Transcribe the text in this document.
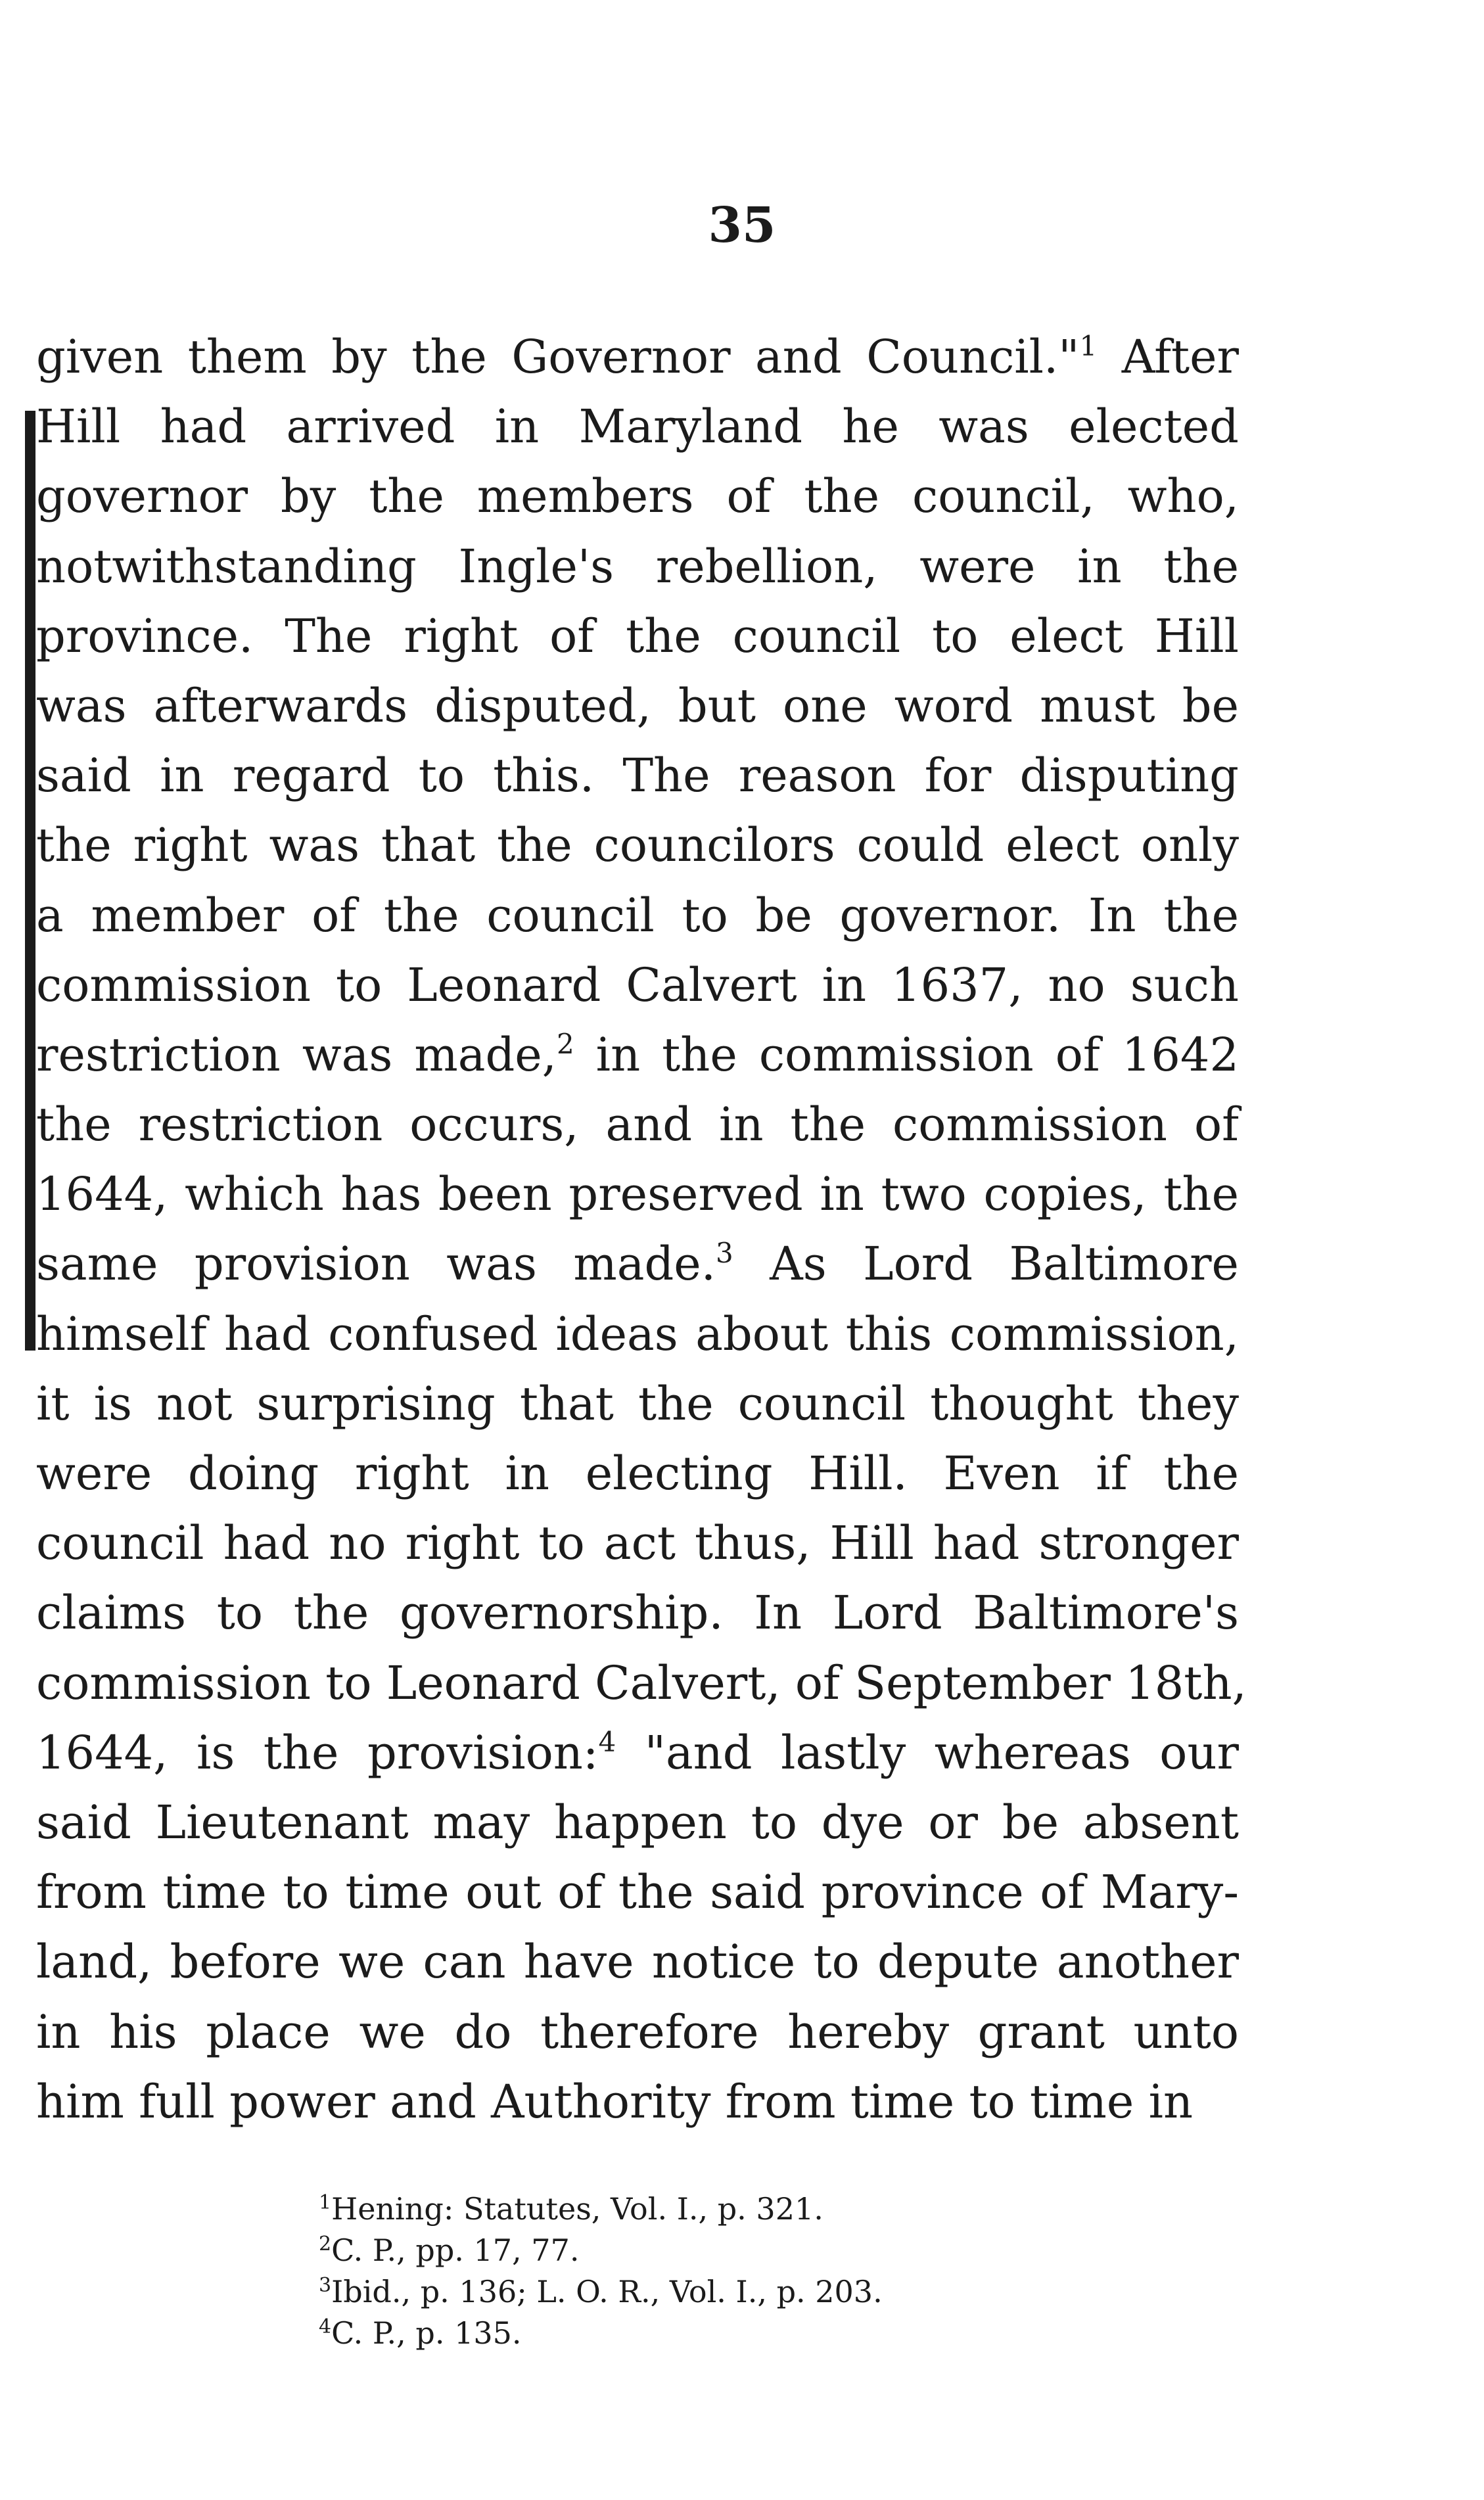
35
given them by the Governor and Council."$^1$ After
Hill had arrived in Maryland he was elected
governor by the members of the council, who,
notwithstanding Ingle's rebellion, were in the
province. The right of the council to elect Hill
was afterwards disputed, but one word must be
said in regard to this. The reason for disputing
the right was that the councilors could elect only
a member of the council to be governor. In the
commission to Leonard Calvert in 1637, no such
restriction was made,$^2$ in the commission of 1642
the restriction occurs, and in the commission of
1644, which has been preserved in two copies, the
same provision was made.$^3$ As Lord Baltimore
himself had confused ideas about this commission,
it is not surprising that the council thought they
were doing right in electing Hill. Even if the
council had no right to act thus, Hill had stronger
claims to the governorship. In Lord Baltimore's
commission to Leonard Calvert, of September 18th,
1644, is the provision:$^4$ "and lastly whereas our
said Lieutenant may happen to dye or be absent
from time to time out of the said province of Mary-
land, before we can have notice to depute another
in his place we do therefore hereby grant unto
him full power and Authority from time to time in
$^1$Hening: Statutes, Vol. I., p. 321.
$^2$C. P., pp. 17, 77.
$^3$Ibid., p. 136; L. O. R., Vol. I., p. 203.
$^4$C. P., p. 135.
